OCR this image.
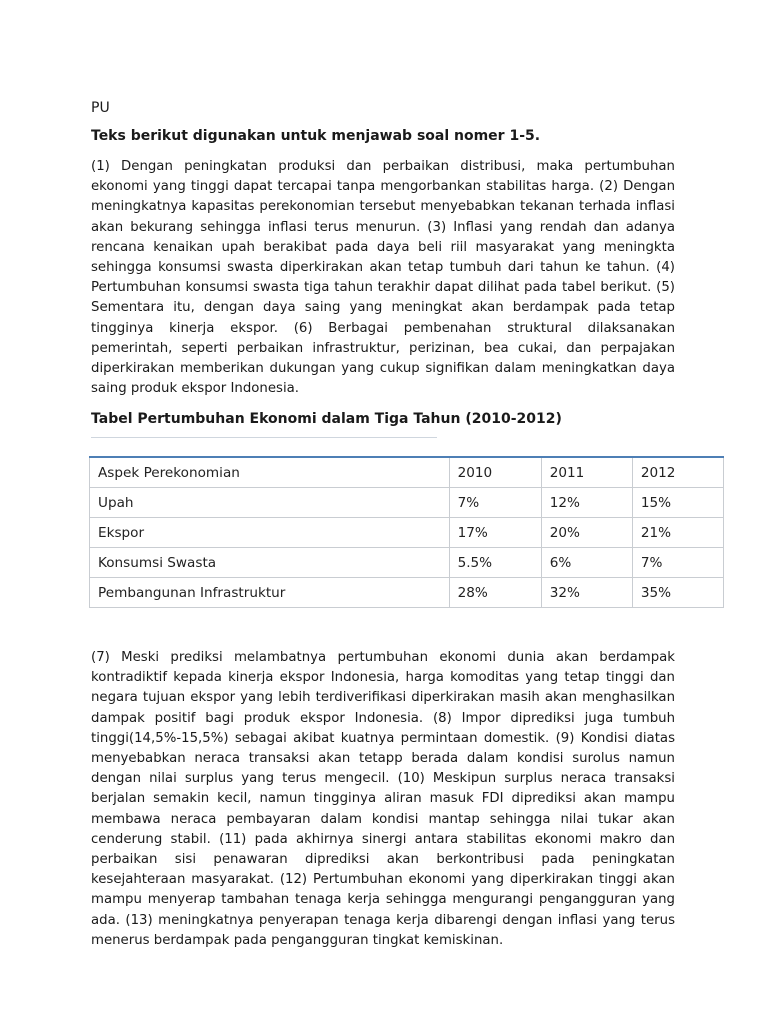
PU

Teks berikut digunakan untuk menjawab soal nomer 1-5.

(1) Dengan peningkatan produksi dan perbaikan distribusi, maka pertumbuhan ekonomi yang tinggi dapat tercapai tanpa mengorbankan stabilitas harga. (2) Dengan meningkatnya kapasitas perekonomian tersebut menyebabkan tekanan terhada inflasi akan bekurang sehingga inflasi terus menurun. (3) Inflasi yang rendah dan adanya rencana kenaikan upah berakibat pada daya beli riil masyarakat yang meningkta sehingga konsumsi swasta diperkirakan akan tetap tumbuh dari tahun ke tahun. (4) Pertumbuhan konsumsi swasta tiga tahun terakhir dapat dilihat pada tabel berikut. (5) Sementara itu, dengan daya saing yang meningkat akan berdampak pada tetap tingginya kinerja ekspor. (6) Berbagai pembenahan struktural dilaksanakan pemerintah, seperti perbaikan infrastruktur, perizinan, bea cukai, dan perpajakan diperkirakan memberikan dukungan yang cukup signifikan dalam meningkatkan daya saing produk ekspor Indonesia.

Tabel Pertumbuhan Ekonomi dalam Tiga Tahun (2010-2012)

Aspek Perekonomian	2010	2011	2012
Upah	7%	12%	15%
Ekspor	17%	20%	21%
Konsumsi Swasta	5.5%	6%	7%
Pembangunan Infrastruktur	28%	32%	35%

(7) Meski prediksi melambatnya pertumbuhan ekonomi dunia akan berdampak kontradiktif kepada kinerja ekspor Indonesia, harga komoditas yang tetap tinggi dan negara tujuan ekspor yang lebih terdiverifikasi diperkirakan masih akan menghasilkan dampak positif bagi produk ekspor Indonesia. (8) Impor diprediksi juga tumbuh tinggi(14,5%-15,5%) sebagai akibat kuatnya permintaan domestik. (9) Kondisi diatas menyebabkan neraca transaksi akan tetapp berada dalam kondisi surolus namun dengan nilai surplus yang terus mengecil. (10) Meskipun surplus neraca transaksi berjalan semakin kecil, namun tingginya aliran masuk FDI diprediksi akan mampu membawa neraca pembayaran dalam kondisi mantap sehingga nilai tukar akan cenderung stabil. (11) pada akhirnya sinergi antara stabilitas ekonomi makro dan perbaikan sisi penawaran diprediksi akan berkontribusi pada peningkatan kesejahteraan masyarakat. (12) Pertumbuhan ekonomi yang diperkirakan tinggi akan mampu menyerap tambahan tenaga kerja sehingga mengurangi pengangguran yang ada. (13) meningkatnya penyerapan tenaga kerja dibarengi dengan inflasi yang terus menerus berdampak pada pengangguran tingkat kemiskinan.
